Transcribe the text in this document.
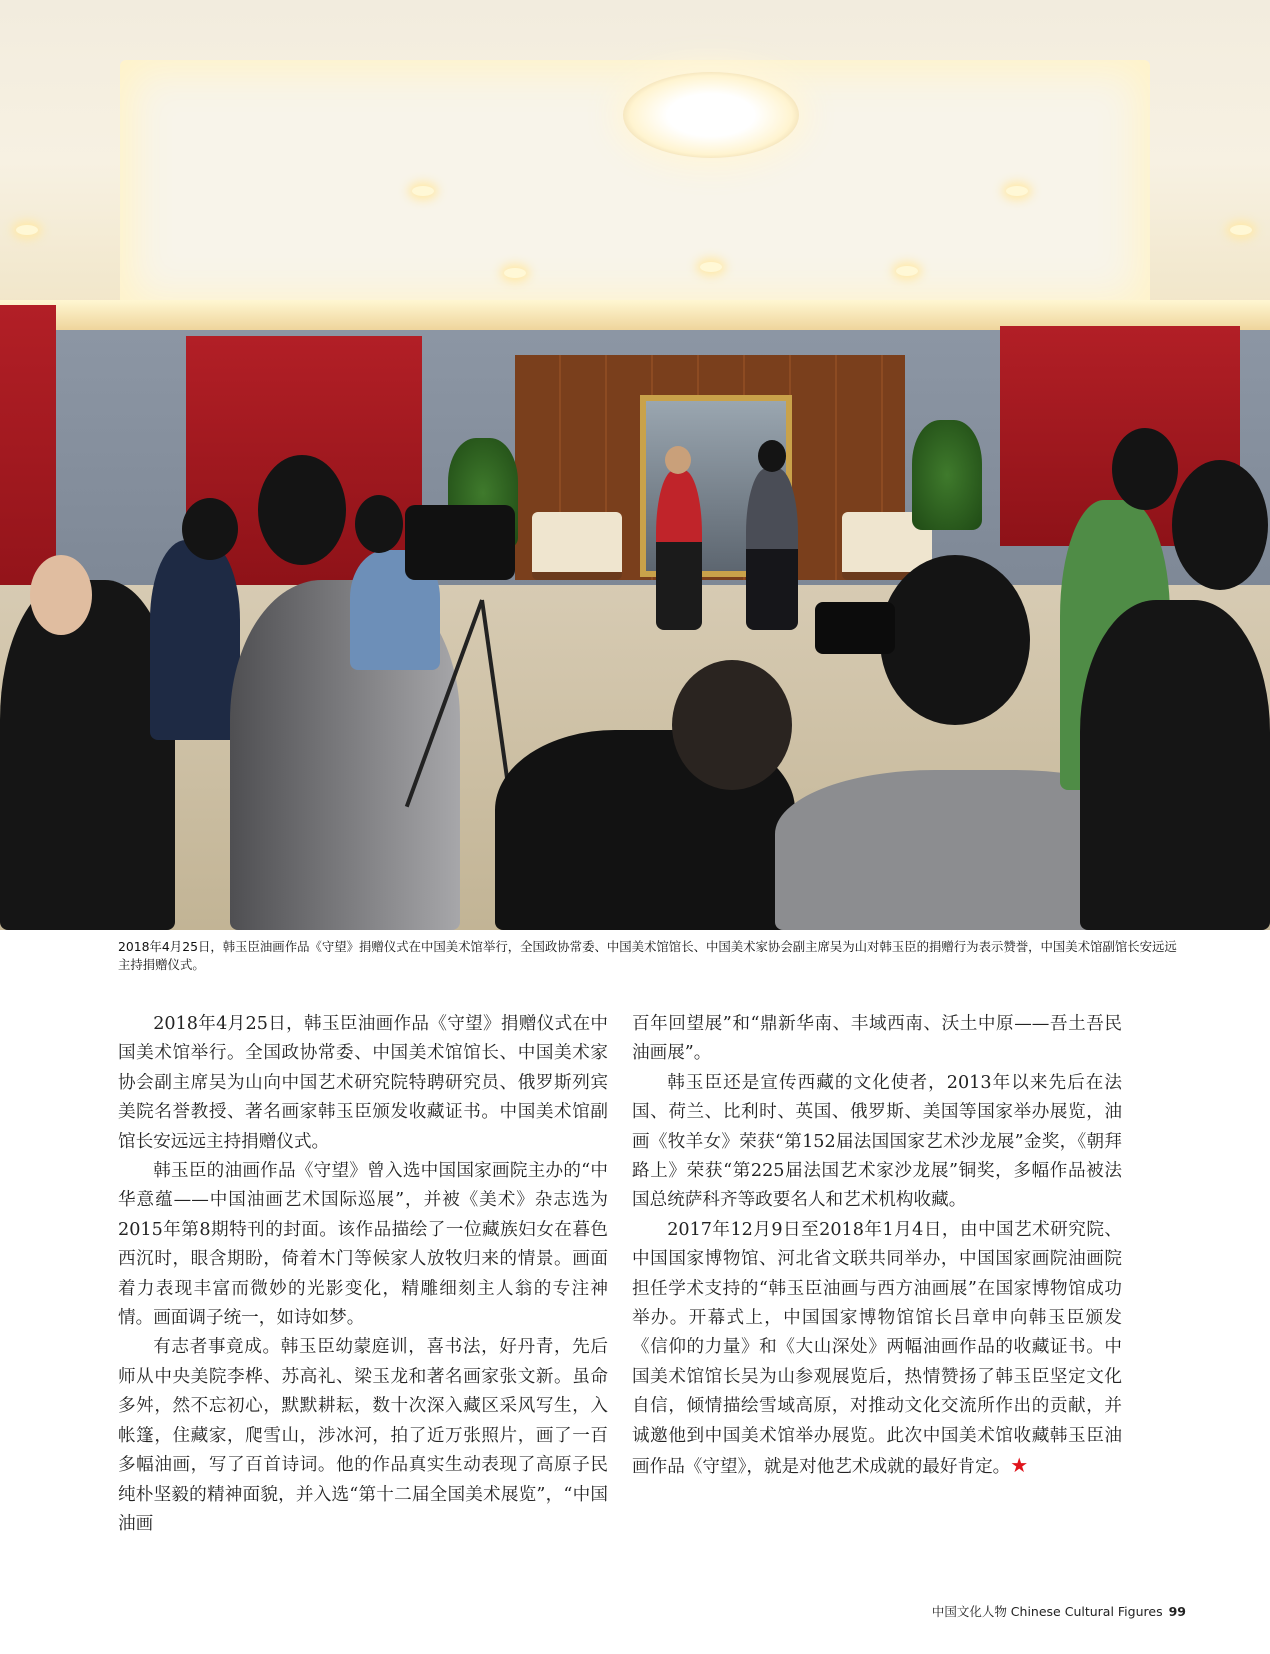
2018年4月25日，韩玉臣油画作品《守望》捐赠仪式在中国美术馆举行，全国政协常委、中国美术馆馆长、中国美术家协会副主席吴为山对韩玉臣的捐赠行为表示赞誉，中国美术馆副馆长安远远主持捐赠仪式。

2018年4月25日，韩玉臣油画作品《守望》捐赠仪式在中国美术馆举行。全国政协常委、中国美术馆馆长、中国美术家协会副主席吴为山向中国艺术研究院特聘研究员、俄罗斯列宾美院名誉教授、著名画家韩玉臣颁发收藏证书。中国美术馆副馆长安远远主持捐赠仪式。

韩玉臣的油画作品《守望》曾入选中国国家画院主办的“中华意蕴——中国油画艺术国际巡展”，并被《美术》杂志选为2015年第8期特刊的封面。该作品描绘了一位藏族妇女在暮色西沉时，眼含期盼，倚着木门等候家人放牧归来的情景。画面着力表现丰富而微妙的光影变化，精雕细刻主人翁的专注神情。画面调子统一，如诗如梦。

有志者事竟成。韩玉臣幼蒙庭训，喜书法，好丹青，先后师从中央美院李桦、苏高礼、梁玉龙和著名画家张文新。虽命多舛，然不忘初心，默默耕耘，数十次深入藏区采风写生，入帐篷，住藏家，爬雪山，涉冰河，拍了近万张照片，画了一百多幅油画，写了百首诗词。他的作品真实生动表现了高原子民纯朴坚毅的精神面貌，并入选“第十二届全国美术展览”，“中国油画

百年回望展”和“鼎新华南、丰域西南、沃土中原——吾土吾民油画展”。

韩玉臣还是宣传西藏的文化使者，2013年以来先后在法国、荷兰、比利时、英国、俄罗斯、美国等国家举办展览，油画《牧羊女》荣获“第152届法国国家艺术沙龙展”金奖，《朝拜路上》荣获“第225届法国艺术家沙龙展”铜奖，多幅作品被法国总统萨科齐等政要名人和艺术机构收藏。

2017年12月9日至2018年1月4日，由中国艺术研究院、中国国家博物馆、河北省文联共同举办，中国国家画院油画院担任学术支持的“韩玉臣油画与西方油画展”在国家博物馆成功举办。开幕式上，中国国家博物馆馆长吕章申向韩玉臣颁发《信仰的力量》和《大山深处》两幅油画作品的收藏证书。中国美术馆馆长吴为山参观展览后，热情赞扬了韩玉臣坚定文化自信，倾情描绘雪域高原，对推动文化交流所作出的贡献，并诚邀他到中国美术馆举办展览。此次中国美术馆收藏韩玉臣油画作品《守望》，就是对他艺术成就的最好肯定。★

中国文化人物 Chinese Cultural Figures 99
